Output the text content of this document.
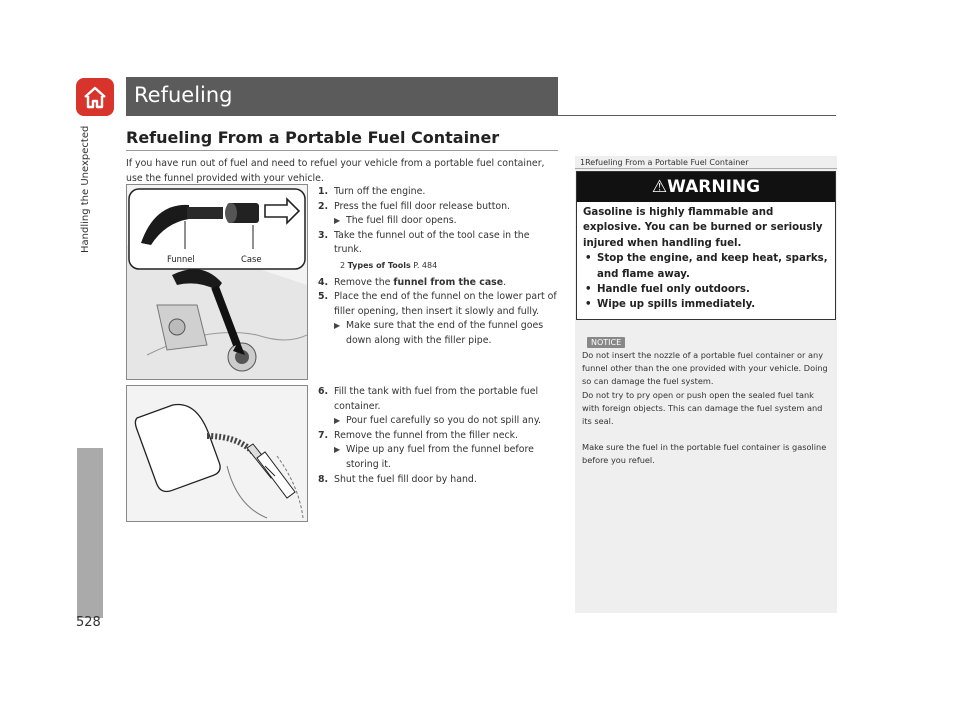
Refueling
Handling the Unexpected
528
Refueling From a Portable Fuel Container
If you have run out of fuel and need to refuel your vehicle from a portable fuel container, use the funnel provided with your vehicle.
Funnel	Case

1. Turn off the engine.

2. Press the fuel fill door release button.

▶ The fuel fill door opens.

3. Take the funnel out of the tool case in the trunk.

2 Types of Tools P. 484

4. Remove the funnel from the case.

5. Place the end of the funnel on the lower part of filler opening, then insert it slowly and fully.

▶ Make sure that the end of the funnel goes down along with the filler pipe.

6. Fill the tank with fuel from the portable fuel container.

▶ Pour fuel carefully so you do not spill any.

7. Remove the funnel from the filler neck.

▶ Wipe up any fuel from the funnel before storing it.

8. Shut the fuel fill door by hand.

1Refueling From a Portable Fuel Container
⚠WARNING
Gasoline is highly flammable and explosive. You can be burned or seriously injured when handling fuel.
• Stop the engine, and keep heat, sparks, and flame away.
• Handle fuel only outdoors.
• Wipe up spills immediately.
NOTICE

Do not insert the nozzle of a portable fuel container or any funnel other than the one provided with your vehicle. Doing so can damage the fuel system.

Do not try to pry open or push open the sealed fuel tank with foreign objects. This can damage the fuel system and its seal.

Make sure the fuel in the portable fuel container is gasoline before you refuel.
